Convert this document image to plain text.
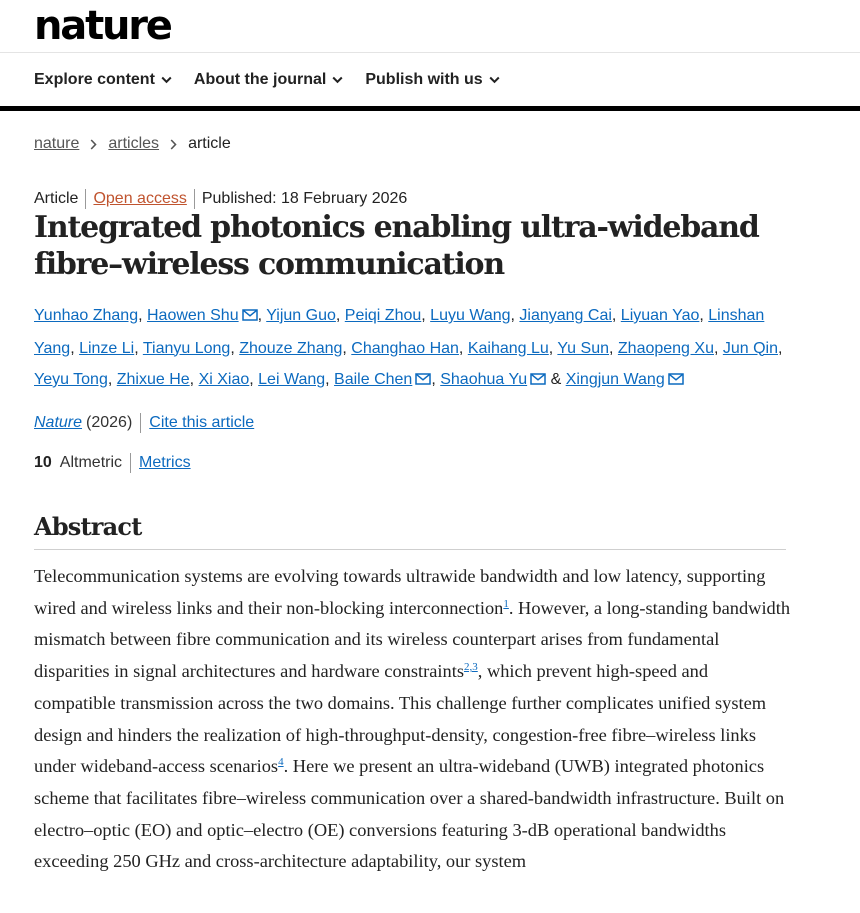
nature
Explore content About the journal Publish with us
nature articles article
Article Open access Published: 18 February 2026
Integrated photonics enabling ultra-wideband fibre–wireless communication
Yunhao Zhang, Haowen Shu , Yijun Guo, Peiqi Zhou, Luyu Wang, Jianyang Cai, Liyuan Yao, Linshan Yang, Linze Li, Tianyu Long, Zhouze Zhang, Changhao Han, Kaihang Lu, Yu Sun, Zhaopeng Xu, Jun Qin, Yeyu Tong, Zhixue He, Xi Xiao, Lei Wang, Baile Chen , Shaohua Yu & Xingjun Wang
Nature (2026) Cite this article
10 Altmetric Metrics
Abstract

Telecommunication systems are evolving towards ultrawide bandwidth and low latency, supporting wired and wireless links and their non-blocking interconnection$^1$. However, a long-standing bandwidth mismatch between fibre communication and its wireless counterpart arises from fundamental disparities in signal architectures and hardware constraints$^{2,3}$, which prevent high-speed and compatible transmission across the two domains. This challenge further complicates unified system design and hinders the realization of high-throughput-density, congestion-free fibre–wireless links under wideband-access scenarios$^4$. Here we present an ultra-wideband (UWB) integrated photonics scheme that facilitates fibre–wireless communication over a shared-bandwidth infrastructure. Built on electro–optic (EO) and optic–electro (OE) conversions featuring 3-dB operational bandwidths exceeding 250 GHz and cross-architecture adaptability, our system
